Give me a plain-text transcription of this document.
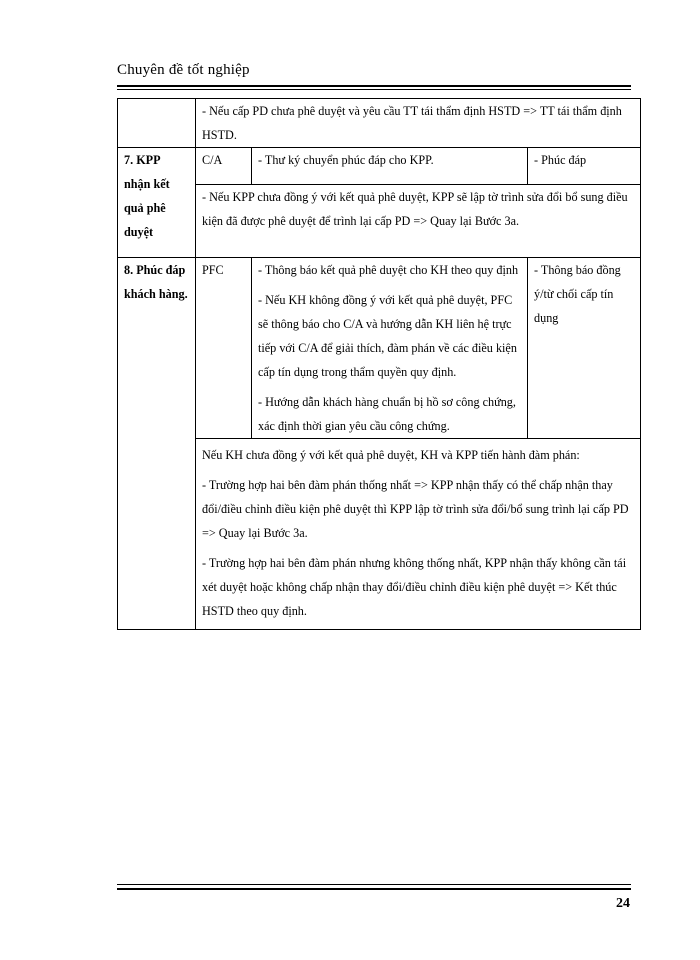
Chuyên đề tốt nghiệp

	- Nếu cấp PD chưa phê duyệt và yêu cầu TT tái thẩm định HSTD => TT tái thẩm định HSTD.		

7. KPP nhận kết quả phê duyệt	C/A	- Thư ký chuyển phúc đáp cho KPP.	- Phúc đáp
	- Nếu KPP chưa đồng ý với kết quả phê duyệt, KPP sẽ lập tờ trình sửa đổi bổ sung điều kiện đã được phê duyệt để trình lại cấp PD => Quay lại Bước 3a.		
8. Phúc đáp khách hàng.	PFC	- Thông báo kết quả phê duyệt cho KH theo quy định

- Nếu KH không đồng ý với kết quả phê duyệt, PFC sẽ thông báo cho C/A và hướng dẫn KH liên hệ trực tiếp với C/A để giải thích, đàm phán về các điều kiện cấp tín dụng trong thẩm quyền quy định.

- Hướng dẫn khách hàng chuẩn bị hồ sơ công chứng, xác định thời gian yêu cầu công chứng.	- Thông báo đồng ý/từ chối cấp tín dụng

	Nếu KH chưa đồng ý với kết quả phê duyệt, KH và KPP tiến hành đàm phán:

- Trường hợp hai bên đàm phán thống nhất => KPP nhận thấy có thể chấp nhận thay đổi/điều chỉnh điều kiện phê duyệt thì KPP lập tờ trình sửa đổi/bổ sung trình lại cấp PD => Quay lại Bước 3a.

- Trường hợp hai bên đàm phán nhưng không thống nhất, KPP nhận thấy không cần tái xét duyệt hoặc không chấp nhận thay đổi/điều chỉnh điều kiện phê duyệt => Kết thúc HSTD theo quy định.		

24
